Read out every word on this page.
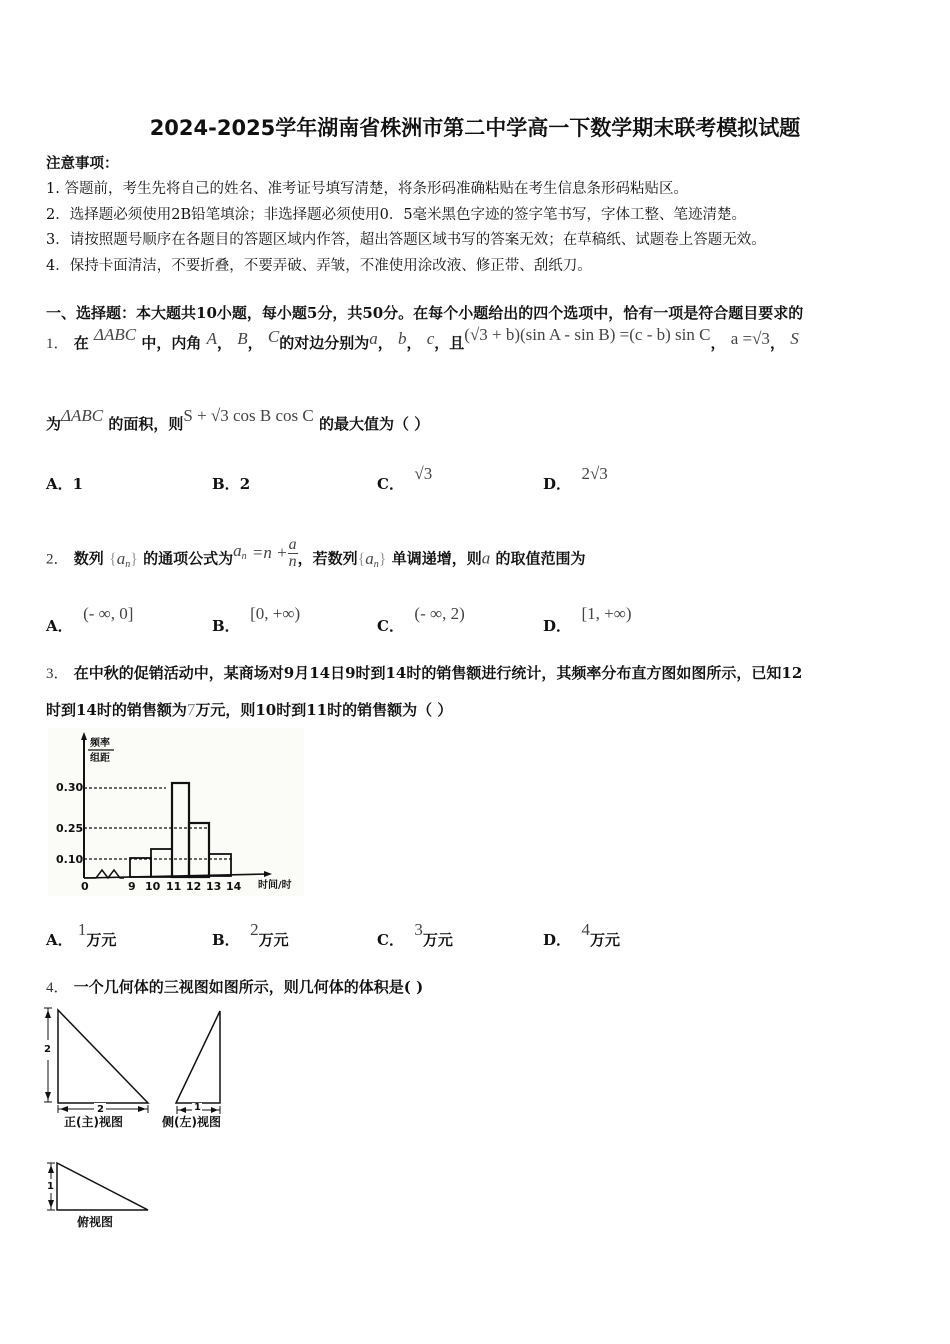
2024-2025学年湖南省株洲市第二中学高一下数学期末联考模拟试题
注意事项：
1. 答题前，考生先将自己的姓名、准考证号填写清楚，将条形码准确粘贴在考生信息条形码粘贴区。
2．选择题必须使用2B铅笔填涂；非选择题必须使用0．5毫米黑色字迹的签字笔书写，字体工整、笔迹清楚。
3．请按照题号顺序在各题目的答题区域内作答，超出答题区域书写的答案无效；在草稿纸、试题卷上答题无效。
4．保持卡面清洁，不要折叠，不要弄破、弄皱，不准使用涂改液、修正带、刮纸刀。
一、选择题：本大题共10小题，每小题5分，共50分。在每个小题给出的四个选项中，恰有一项是符合题目要求的
1． 在 ΔABC 中，内角 A， B， C的对边分别为a， b， c，且(√3 + b)(sin A - sin B) =(c - b) sin C， a =√3， S
为ΔABC 的面积，则S + √3 cos B cos C 的最大值为（ ）
A．1	B．2	C．  √3
D．  2√3
2． 数列 $\{a_n\}$ 的通项公式为$a_n =n + \frac{a}{n}$ ，若数列$\{a_n\}$ 单调递增，则a 的取值范围为
A．  (- ∞, 0]
B．  [0, +∞)
C．  (- ∞, 2)
D．  [1, +∞)
3． 在中秋的促销活动中，某商场对9月14日9时到14时的销售额进行统计，其频率分布直方图如图所示，已知12
时到14时的销售额为7万元，则10时到11时的销售额为（ ）
频率
组距
0.30
0.25
0.10
0	9 10 11 12 13 14 时间/时
A． 1万元	B．  2万元	C．  3万元	D．  4万元
4． 一个几何体的三视图如图所示，则几何体的体积是( )
2
2
正(主)视图
1
侧(左)视图
1
俯视图
